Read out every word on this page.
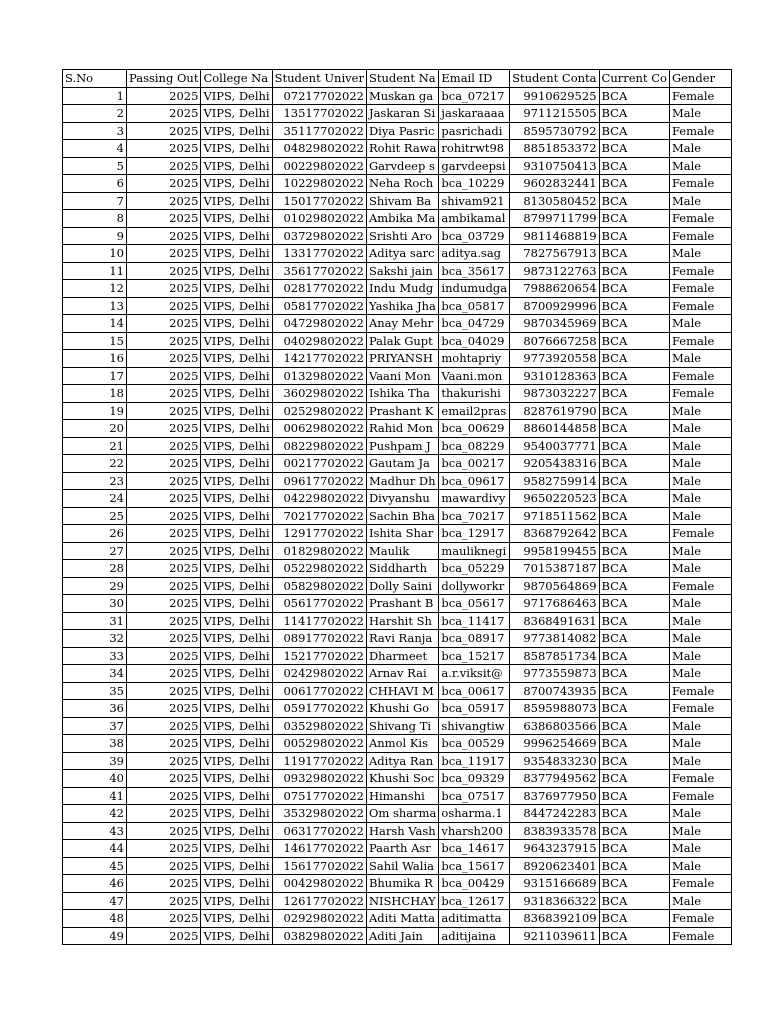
S.No	Passing Out	College Na	Student Univer	Student Na	Email ID	Student Conta	Current Co	Gender
1	2025	VIPS, Delhi	07217702022	Muskan ga	bca_07217	9910629525	BCA	Female
2	2025	VIPS, Delhi	13517702022	Jaskaran Si	jaskaraaaa	9711215505	BCA	Male
3	2025	VIPS, Delhi	35117702022	Diya Pasric	pasrichadi	8595730792	BCA	Female
4	2025	VIPS, Delhi	04829802022	Rohit Rawa	rohitrwt98	8851853372	BCA	Male
5	2025	VIPS, Delhi	00229802022	Garvdeep s	garvdeepsi	9310750413	BCA	Male
6	2025	VIPS, Delhi	10229802022	Neha Roch	bca_10229	9602832441	BCA	Female
7	2025	VIPS, Delhi	15017702022	Shivam Ba	shivam921	8130580452	BCA	Male
8	2025	VIPS, Delhi	01029802022	Ambika Ma	ambikamal	8799711799	BCA	Female
9	2025	VIPS, Delhi	03729802022	Srishti Aro	bca_03729	9811468819	BCA	Female
10	2025	VIPS, Delhi	13317702022	Aditya sarc	aditya.sag	7827567913	BCA	Male
11	2025	VIPS, Delhi	35617702022	Sakshi jain	bca_35617	9873122763	BCA	Female
12	2025	VIPS, Delhi	02817702022	Indu Mudg	indumudga	7988620654	BCA	Female
13	2025	VIPS, Delhi	05817702022	Yashika Jha	bca_05817	8700929996	BCA	Female
14	2025	VIPS, Delhi	04729802022	Anay Mehr	bca_04729	9870345969	BCA	Male
15	2025	VIPS, Delhi	04029802022	Palak Gupt	bca_04029	8076667258	BCA	Female
16	2025	VIPS, Delhi	14217702022	PRIYANSH	mohtapriy	9773920558	BCA	Male
17	2025	VIPS, Delhi	01329802022	Vaani Mon	Vaani.mon	9310128363	BCA	Female
18	2025	VIPS, Delhi	36029802022	Ishika Tha	thakurishi	9873032227	BCA	Female
19	2025	VIPS, Delhi	02529802022	Prashant K	email2pras	8287619790	BCA	Male
20	2025	VIPS, Delhi	00629802022	Rahid Mon	bca_00629	8860144858	BCA	Male
21	2025	VIPS, Delhi	08229802022	Pushpam J	bca_08229	9540037771	BCA	Male
22	2025	VIPS, Delhi	00217702022	Gautam Ja	bca_00217	9205438316	BCA	Male
23	2025	VIPS, Delhi	09617702022	Madhur Dh	bca_09617	9582759914	BCA	Male
24	2025	VIPS, Delhi	04229802022	Divyanshu	mawardivy	9650220523	BCA	Male
25	2025	VIPS, Delhi	70217702022	Sachin Bha	bca_70217	9718511562	BCA	Male
26	2025	VIPS, Delhi	12917702022	Ishita Shar	bca_12917	8368792642	BCA	Female
27	2025	VIPS, Delhi	01829802022	Maulik	mauliknegi	9958199455	BCA	Male
28	2025	VIPS, Delhi	05229802022	Siddharth	bca_05229	7015387187	BCA	Male
29	2025	VIPS, Delhi	05829802022	Dolly Saini	dollyworkr	9870564869	BCA	Female
30	2025	VIPS, Delhi	05617702022	Prashant B	bca_05617	9717686463	BCA	Male
31	2025	VIPS, Delhi	11417702022	Harshit Sh	bca_11417	8368491631	BCA	Male
32	2025	VIPS, Delhi	08917702022	Ravi Ranja	bca_08917	9773814082	BCA	Male
33	2025	VIPS, Delhi	15217702022	Dharmeet	bca_15217	8587851734	BCA	Male
34	2025	VIPS, Delhi	02429802022	Arnav Rai	a.r.viksit@	9773559873	BCA	Male
35	2025	VIPS, Delhi	00617702022	CHHAVI M	bca_00617	8700743935	BCA	Female
36	2025	VIPS, Delhi	05917702022	Khushi Go	bca_05917	8595988073	BCA	Female
37	2025	VIPS, Delhi	03529802022	Shivang Ti	shivangtiw	6386803566	BCA	Male
38	2025	VIPS, Delhi	00529802022	Anmol Kis	bca_00529	9996254669	BCA	Male
39	2025	VIPS, Delhi	11917702022	Aditya Ran	bca_11917	9354833230	BCA	Male
40	2025	VIPS, Delhi	09329802022	Khushi Soc	bca_09329	8377949562	BCA	Female
41	2025	VIPS, Delhi	07517702022	Himanshi	bca_07517	8376977950	BCA	Female
42	2025	VIPS, Delhi	35329802022	Om sharma	osharma.1	8447242283	BCA	Male
43	2025	VIPS, Delhi	06317702022	Harsh Vash	vharsh200	8383933578	BCA	Male
44	2025	VIPS, Delhi	14617702022	Paarth Asr	bca_14617	9643237915	BCA	Male
45	2025	VIPS, Delhi	15617702022	Sahil Walia	bca_15617	8920623401	BCA	Male
46	2025	VIPS, Delhi	00429802022	Bhumika R	bca_00429	9315166689	BCA	Female
47	2025	VIPS, Delhi	12617702022	NISHCHAY	bca_12617	9318366322	BCA	Male
48	2025	VIPS, Delhi	02929802022	Aditi Matta	aditimatta	8368392109	BCA	Female
49	2025	VIPS, Delhi	03829802022	Aditi Jain	aditijaina	9211039611	BCA	Female
